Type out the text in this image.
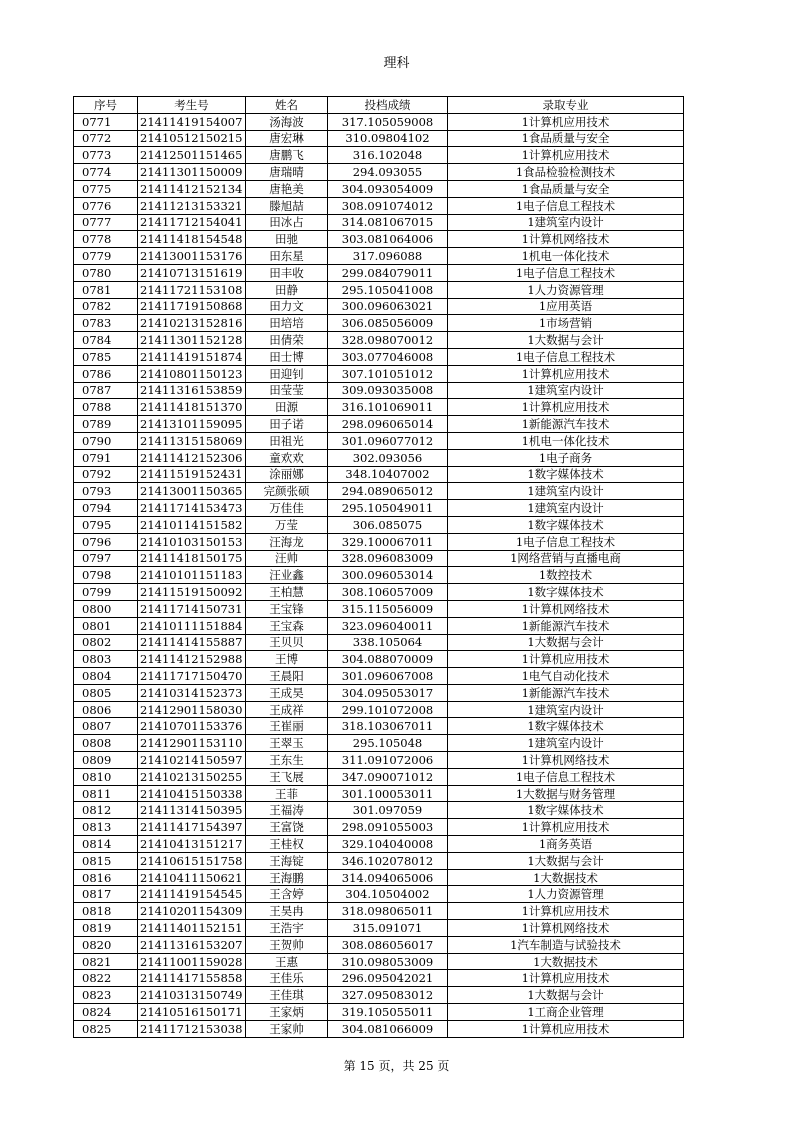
理科
序号	考生号	姓名	投档成绩	录取专业
0771	21411419154007	汤海波	317.105059008	1计算机应用技术
0772	21410512150215	唐宏琳	310.09804102	1食品质量与安全
0773	21412501151465	唐鹏飞	316.102048	1计算机应用技术
0774	21411301150009	唐瑞晴	294.093055	1食品检验检测技术
0775	21411412152134	唐艳美	304.093054009	1食品质量与安全
0776	21411213153321	滕旭喆	308.091074012	1电子信息工程技术
0777	21411712154041	田冰占	314.081067015	1建筑室内设计
0778	21411418154548	田驰	303.081064006	1计算机网络技术
0779	21413001153176	田东星	317.096088	1机电一体化技术
0780	21410713151619	田丰收	299.084079011	1电子信息工程技术
0781	21411721153108	田静	295.105041008	1人力资源管理
0782	21411719150868	田力文	300.096063021	1应用英语
0783	21410213152816	田培培	306.085056009	1市场营销
0784	21411301152128	田倩荣	328.098070012	1大数据与会计
0785	21411419151874	田士博	303.077046008	1电子信息工程技术
0786	21410801150123	田迎钊	307.101051012	1计算机应用技术
0787	21411316153859	田莹莹	309.093035008	1建筑室内设计
0788	21411418151370	田源	316.101069011	1计算机应用技术
0789	21413101159095	田子诺	298.096065014	1新能源汽车技术
0790	21411315158069	田祖光	301.096077012	1机电一体化技术
0791	21411412152306	童欢欢	302.093056	1电子商务
0792	21411519152431	涂丽娜	348.10407002	1数字媒体技术
0793	21413001150365	完颜张硕	294.089065012	1建筑室内设计
0794	21411714153473	万佳佳	295.105049011	1建筑室内设计
0795	21410114151582	万莹	306.085075	1数字媒体技术
0796	21410103150153	汪海龙	329.100067011	1电子信息工程技术
0797	21411418150175	汪帅	328.096083009	1网络营销与直播电商
0798	21410101151183	汪业鑫	300.096053014	1数控技术
0799	21411519150092	王柏慧	308.106057009	1数字媒体技术
0800	21411714150731	王宝锋	315.115056009	1计算机网络技术
0801	21410111151884	王宝森	323.096040011	1新能源汽车技术
0802	21411414155887	王贝贝	338.105064	1大数据与会计
0803	21411412152988	王博	304.088070009	1计算机应用技术
0804	21411717150470	王晨阳	301.096067008	1电气自动化技术
0805	21410314152373	王成昊	304.095053017	1新能源汽车技术
0806	21412901158030	王成祥	299.101072008	1建筑室内设计
0807	21410701153376	王崔丽	318.103067011	1数字媒体技术
0808	21412901153110	王翠玉	295.105048	1建筑室内设计
0809	21410214150597	王东生	311.091072006	1计算机网络技术
0810	21410213150255	王飞展	347.090071012	1电子信息工程技术
0811	21410415150338	王菲	301.100053011	1大数据与财务管理
0812	21411314150395	王福涛	301.097059	1数字媒体技术
0813	21411417154397	王富饶	298.091055003	1计算机应用技术
0814	21410413151217	王桂权	329.104040008	1商务英语
0815	21410615151758	王海锭	346.102078012	1大数据与会计
0816	21410411150621	王海鹏	314.094065006	1大数据技术
0817	21411419154545	王含婷	304.10504002	1人力资源管理
0818	21410201154309	王昊冉	318.098065011	1计算机应用技术
0819	21411401152151	王浩宇	315.091071	1计算机网络技术
0820	21411316153207	王贺帅	308.086056017	1汽车制造与试验技术
0821	21411001159028	王惠	310.098053009	1大数据技术
0822	21411417155858	王佳乐	296.095042021	1计算机应用技术
0823	21410313150749	王佳琪	327.095083012	1大数据与会计
0824	21410516150171	王家炳	319.105055011	1工商企业管理
0825	21411712153038	王家帅	304.081066009	1计算机应用技术
第 15 页，共 25 页
